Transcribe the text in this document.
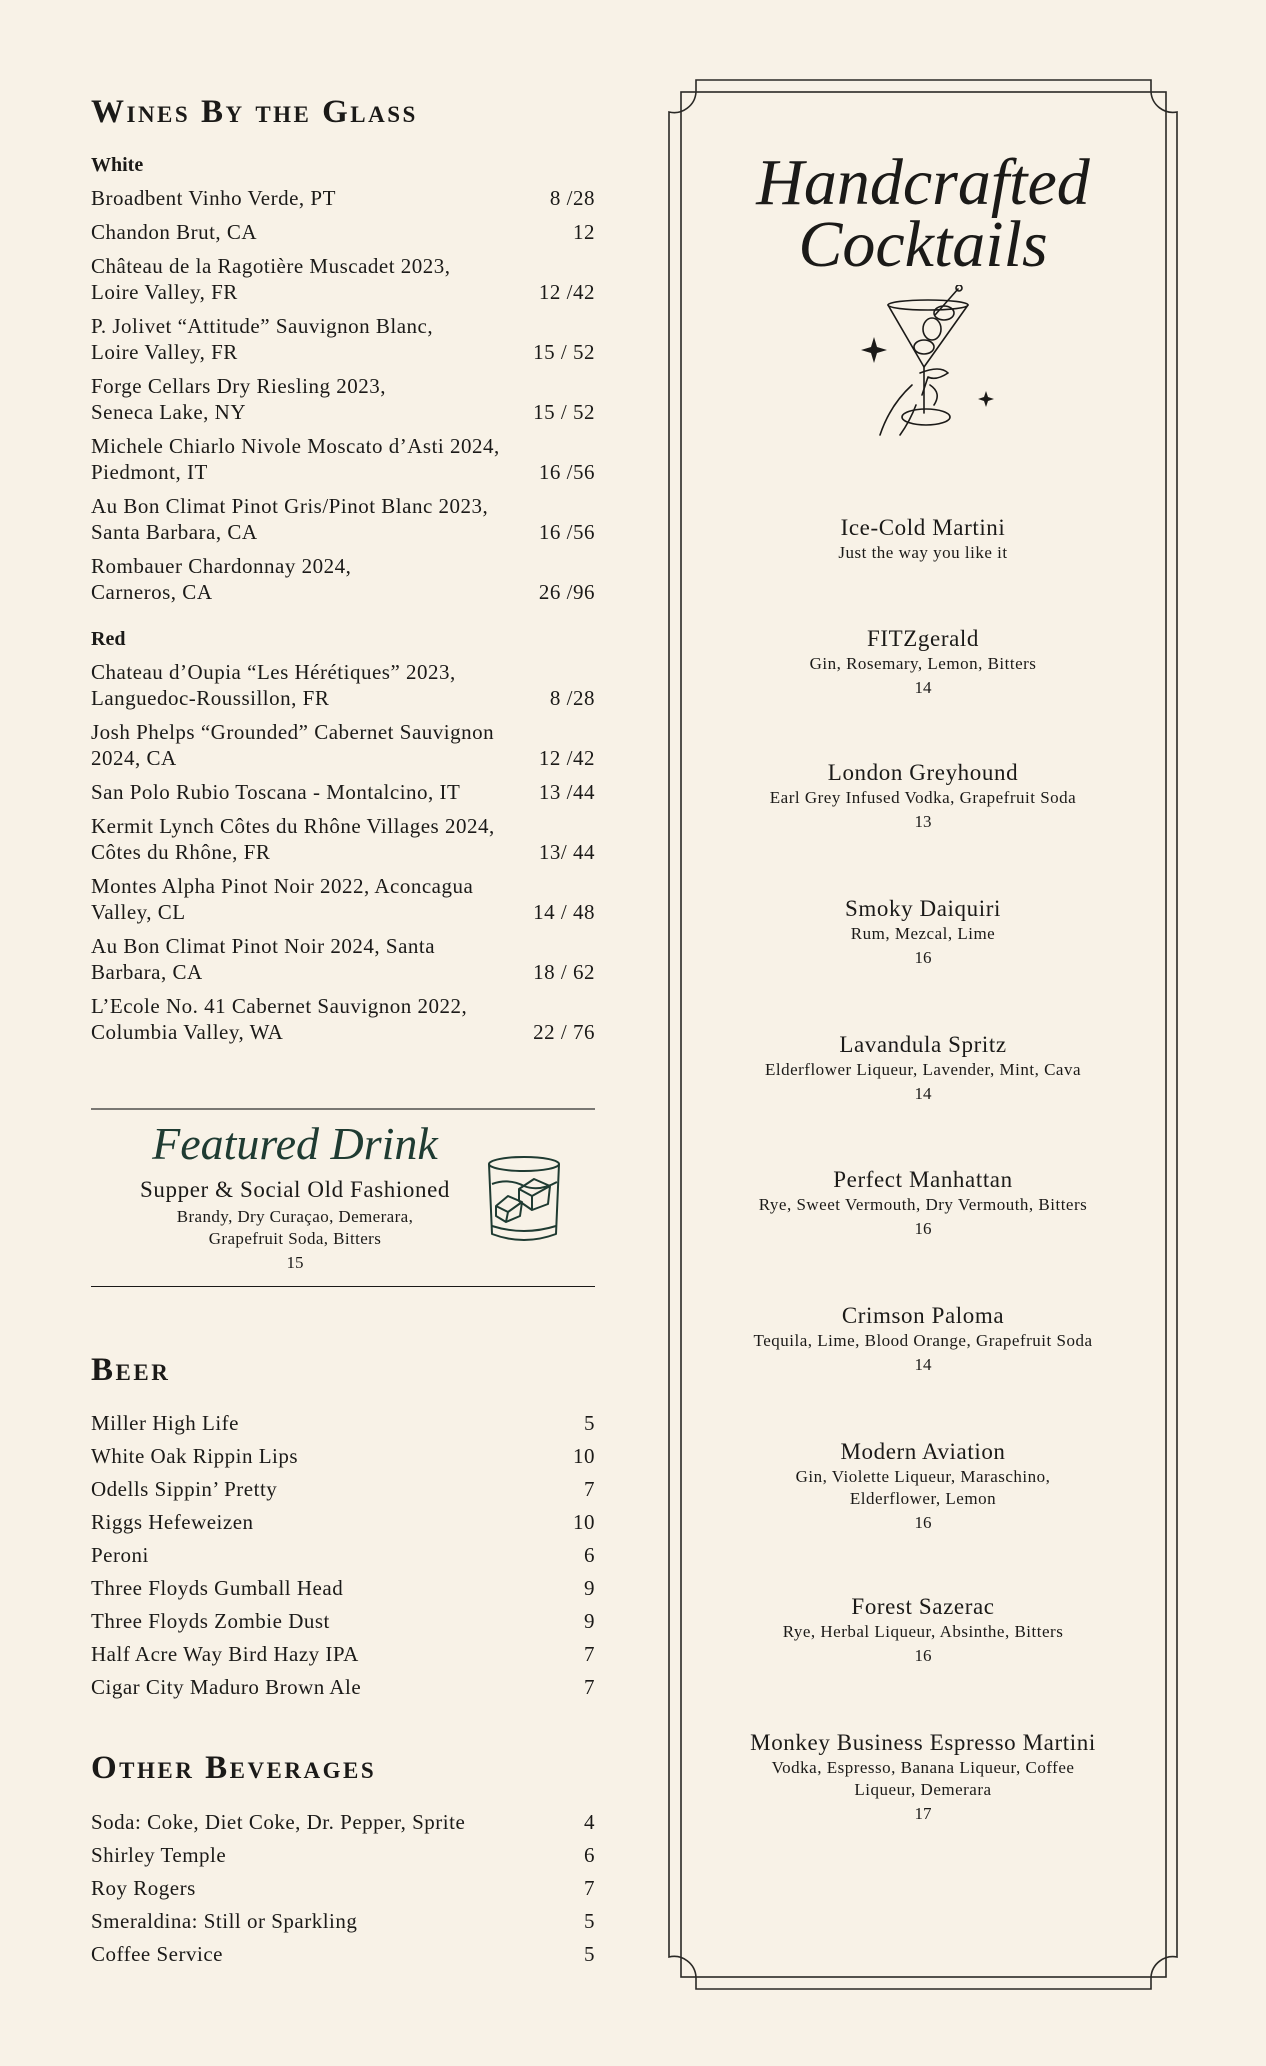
Wines By the Glass
White
Broadbent Vinho Verde, PT	8 /28
Chandon Brut, CA	12
Château de la Ragotière Muscadet 2023,
Loire Valley, FR	12 /42
P. Jolivet “Attitude” Sauvignon Blanc,
Loire Valley, FR	15 / 52
Forge Cellars Dry Riesling 2023,
Seneca Lake, NY	15 / 52
Michele Chiarlo Nivole Moscato d’Asti 2024,
Piedmont, IT	16 /56
Au Bon Climat Pinot Gris/Pinot Blanc 2023,
Santa Barbara, CA	16 /56
Rombauer Chardonnay 2024,
Carneros, CA	26 /96
Red
Chateau d’Oupia “Les Hérétiques” 2023,
Languedoc-Roussillon, FR	8 /28
Josh Phelps “Grounded” Cabernet Sauvignon
2024, CA	12 /42
San Polo Rubio Toscana - Montalcino, IT	13 /44
Kermit Lynch Côtes du Rhône Villages 2024,
Côtes du Rhône, FR	13/ 44
Montes Alpha Pinot Noir 2022, Aconcagua
Valley, CL	14 / 48
Au Bon Climat Pinot Noir 2024, Santa
Barbara, CA	18 / 62
L’Ecole No. 41 Cabernet Sauvignon 2022,
Columbia Valley, WA	22 / 76
Featured Drink
Supper & Social Old Fashioned
Brandy, Dry Curaçao, Demerara,
Grapefruit Soda, Bitters
15
Beer
Miller High Life	5
White Oak Rippin Lips	10
Odells Sippin’ Pretty	7
Riggs Hefeweizen	10
Peroni	6
Three Floyds Gumball Head	9
Three Floyds Zombie Dust	9
Half Acre Way Bird Hazy IPA	7
Cigar City Maduro Brown Ale	7
Other Beverages
Soda: Coke, Diet Coke, Dr. Pepper, Sprite	4
Shirley Temple	6
Roy Rogers	7
Smeraldina: Still or Sparkling	5
Coffee Service	5
Handcrafted
Cocktails
Ice-Cold Martini
Just the way you like it
FITZgerald
Gin, Rosemary, Lemon, Bitters
14
London Greyhound
Earl Grey Infused Vodka, Grapefruit Soda
13
Smoky Daiquiri
Rum, Mezcal, Lime
16
Lavandula Spritz
Elderflower Liqueur, Lavender, Mint, Cava
14
Perfect Manhattan
Rye, Sweet Vermouth, Dry Vermouth, Bitters
16
Crimson Paloma
Tequila, Lime, Blood Orange, Grapefruit Soda
14
Modern Aviation
Gin, Violette Liqueur, Maraschino,
Elderflower, Lemon
16
Forest Sazerac
Rye, Herbal Liqueur, Absinthe, Bitters
16
Monkey Business Espresso Martini
Vodka, Espresso, Banana Liqueur, Coffee
Liqueur, Demerara
17
